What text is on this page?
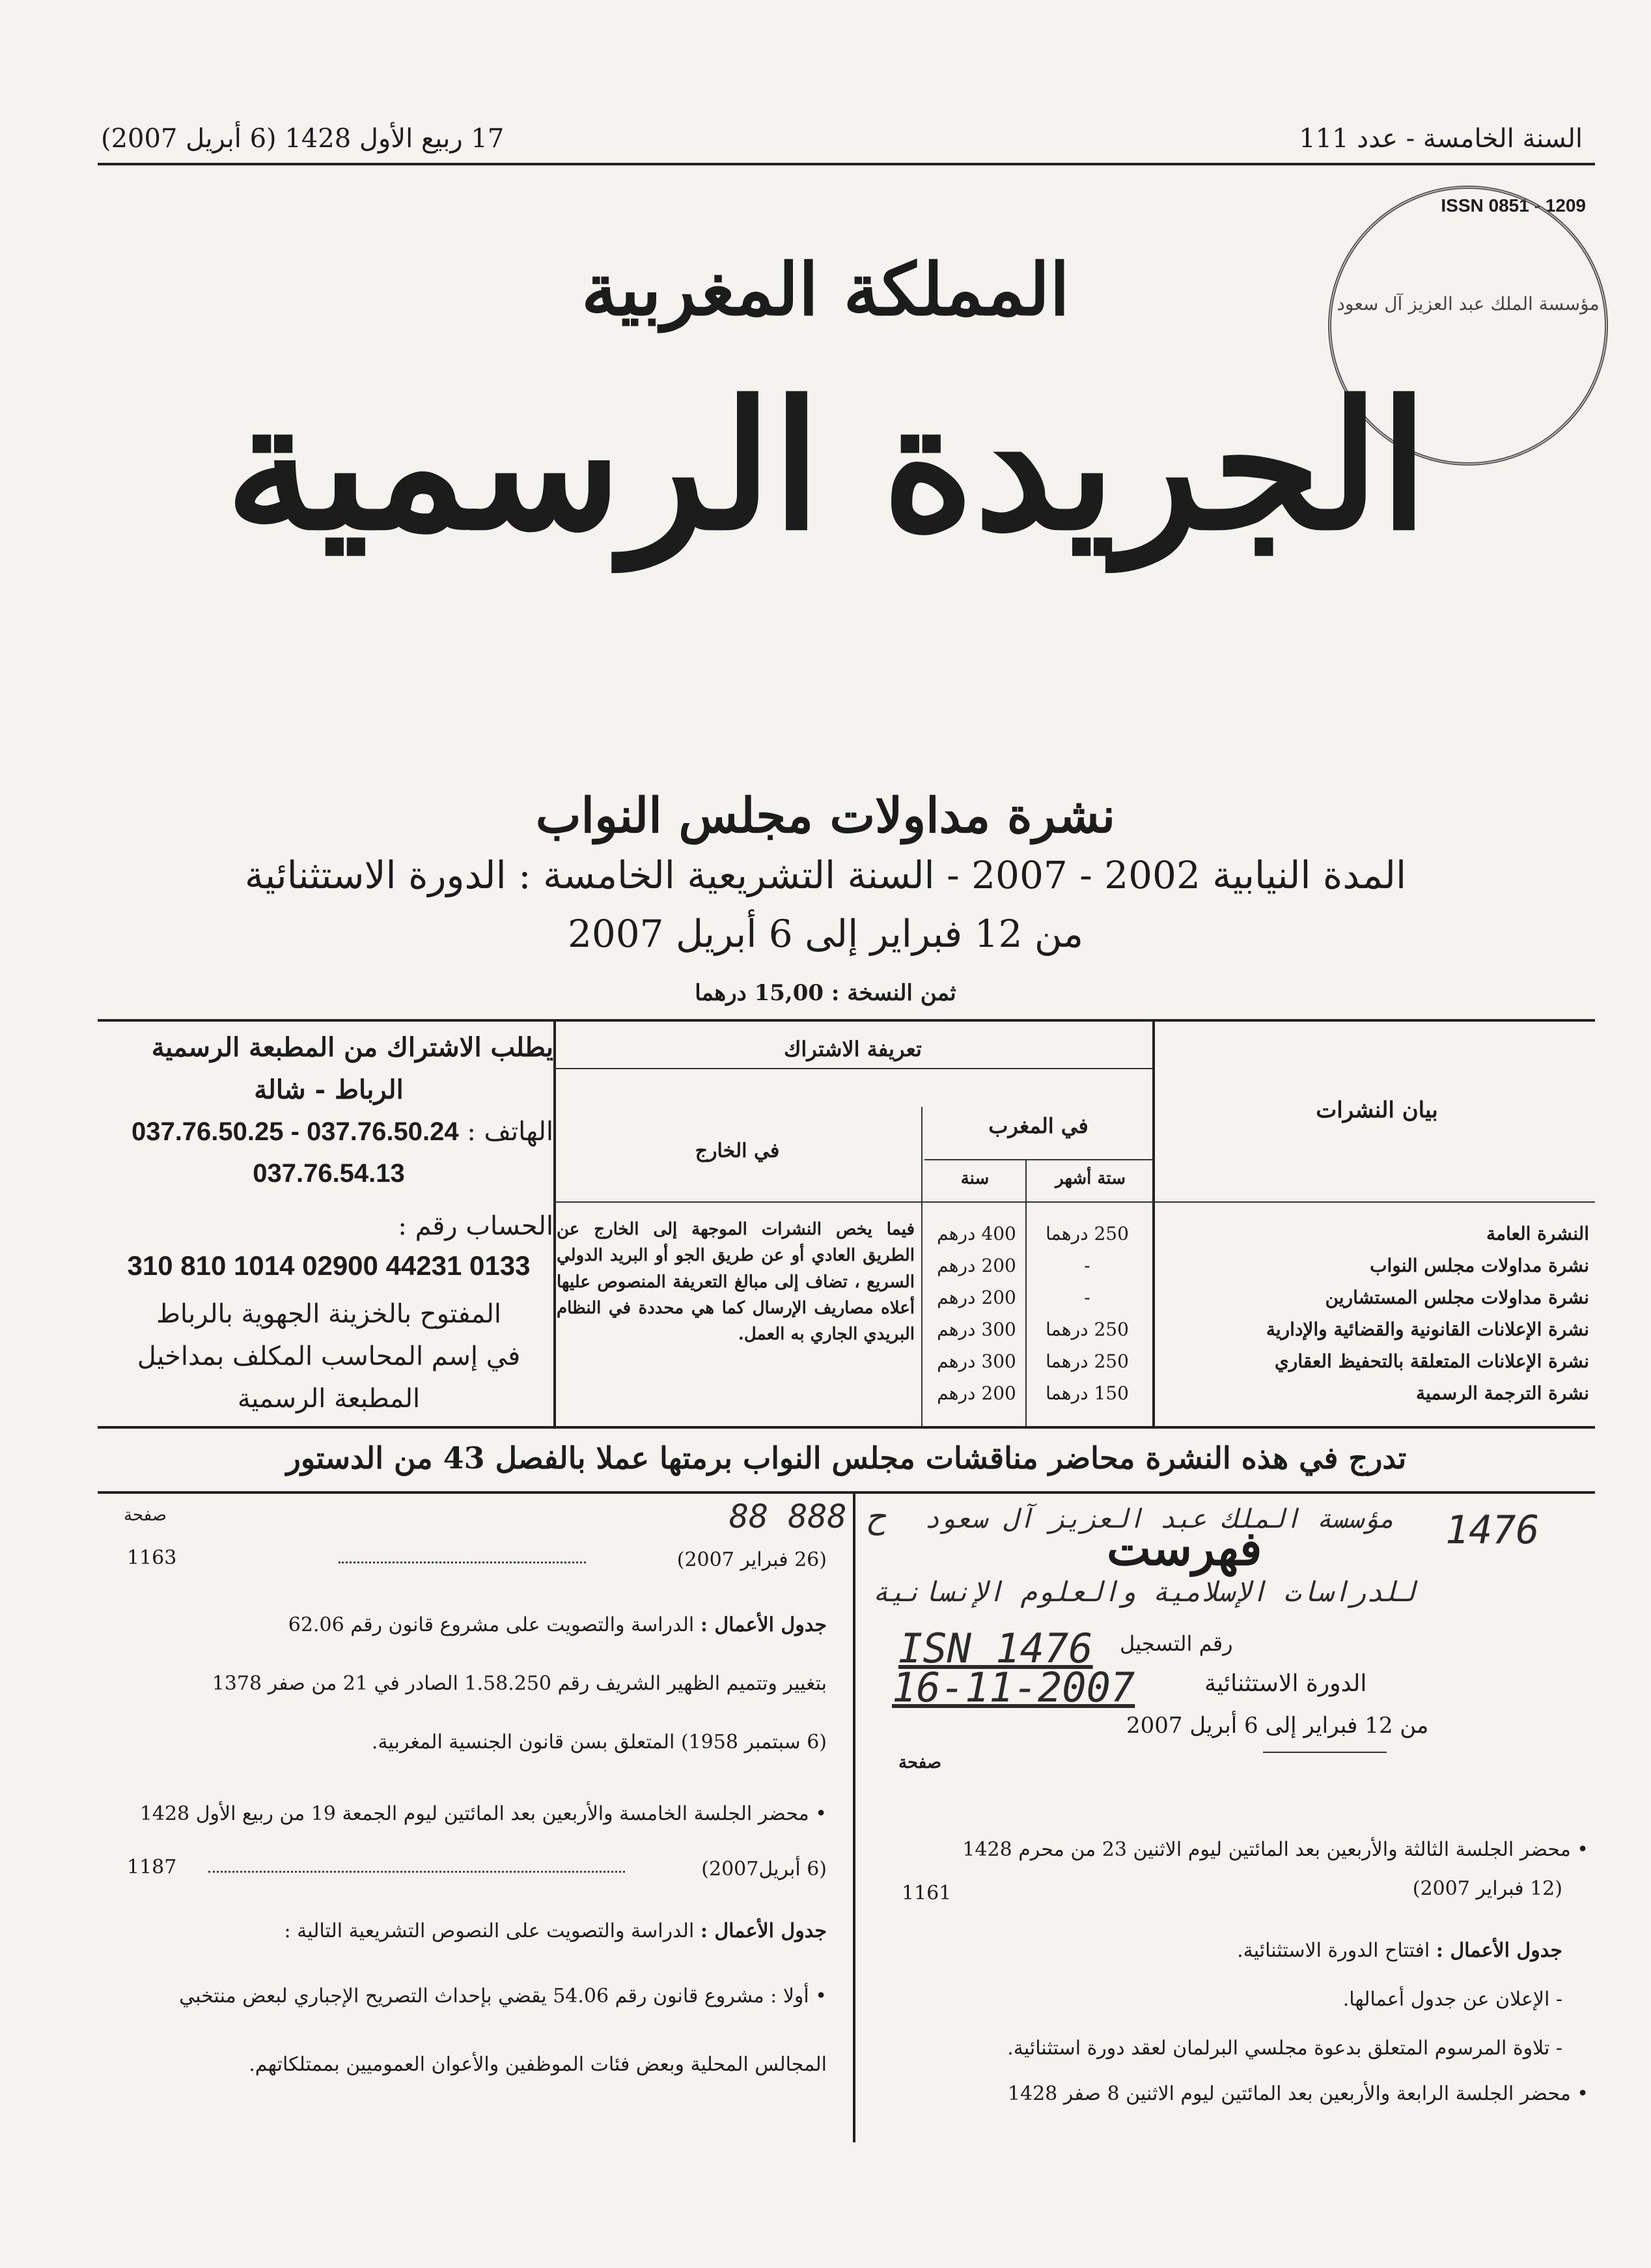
السنة الخامسة - عدد 111
17 ربيع الأول 1428 (6 أبريل 2007)
ISSN 0851 - 1209
مؤسسة الملك عبد العزيز آل سعود
المملكة المغربية
الجريدة الرسمية
نشرة مداولات مجلس النواب
المدة النيابية 2002 - 2007 - السنة التشريعية الخامسة : الدورة الاستثنائية
من 12 فبراير إلى 6 أبريل 2007
ثمن النسخة : 15,00 درهما
تعريفة الاشتراك
بيان النشرات
في المغرب
في الخارج
ستة أشهر
سنة
النشرة العامة
250 درهما
400 درهم
نشرة مداولات مجلس النواب
-
200 درهم
نشرة مداولات مجلس المستشارين
-
200 درهم
نشرة الإعلانات القانونية والقضائية والإدارية
250 درهما
300 درهم
نشرة الإعلانات المتعلقة بالتحفيظ العقاري
250 درهما
300 درهم
نشرة الترجمة الرسمية
150 درهما
200 درهم
فيما يخص النشرات الموجهة إلى الخارج عن الطريق العادي أو عن طريق الجو أو البريد الدولي السريع ، تضاف إلى مبالغ التعريفة المنصوص عليها أعلاه مصاريف الإرسال كما هي محددة في النظام البريدي الجاري به العمل.
يطلب الاشتراك من المطبعة الرسمية
الرباط - شالة
الهاتف : 037.76.50.24 - 037.76.50.25
037.76.54.13
الحساب رقم :
310 810 1014 02900 44231 0133
المفتوح بالخزينة الجهوية بالرباط
في إسم المحاسب المكلف بمداخيل
المطبعة الرسمية
تدرج في هذه النشرة محاضر مناقشات مجلس النواب برمتها عملا بالفصل 43 من الدستور
88 ح 888	1476
مؤسسة الملك عبد العزيز آل سعود
فهرست
للدراسات الإسلامية والعلوم الإنسانية
رقم التسجيل
ISN 1476
الدورة الاستثنائية
16-11-2007
من 12 فبراير إلى 6 أبريل 2007
صفحة
• محضر الجلسة الثالثة والأربعين بعد المائتين ليوم الاثنين 23 من محرم 1428
(12 فبراير 2007)
1161
جدول الأعمال : افتتاح الدورة الاستثنائية.
- الإعلان عن جدول أعمالها.
- تلاوة المرسوم المتعلق بدعوة مجلسي البرلمان لعقد دورة استثنائية.
• محضر الجلسة الرابعة والأربعين بعد المائتين ليوم الاثنين 8 صفر 1428
صفحة
(26 فبراير 2007)
1163
جدول الأعمال : الدراسة والتصويت على مشروع قانون رقم 62.06
بتغيير وتتميم الظهير الشريف رقم 1.58.250 الصادر في 21 من صفر 1378
(6 سبتمبر 1958) المتعلق بسن قانون الجنسية المغربية.
• محضر الجلسة الخامسة والأربعين بعد المائتين ليوم الجمعة 19 من ربيع الأول 1428
(6 أبريل2007)
1187
جدول الأعمال : الدراسة والتصويت على النصوص التشريعية التالية :
• أولا : مشروع قانون رقم 54.06 يقضي بإحداث التصريح الإجباري لبعض منتخبي
المجالس المحلية وبعض فئات الموظفين والأعوان العموميين بممتلكاتهم.
